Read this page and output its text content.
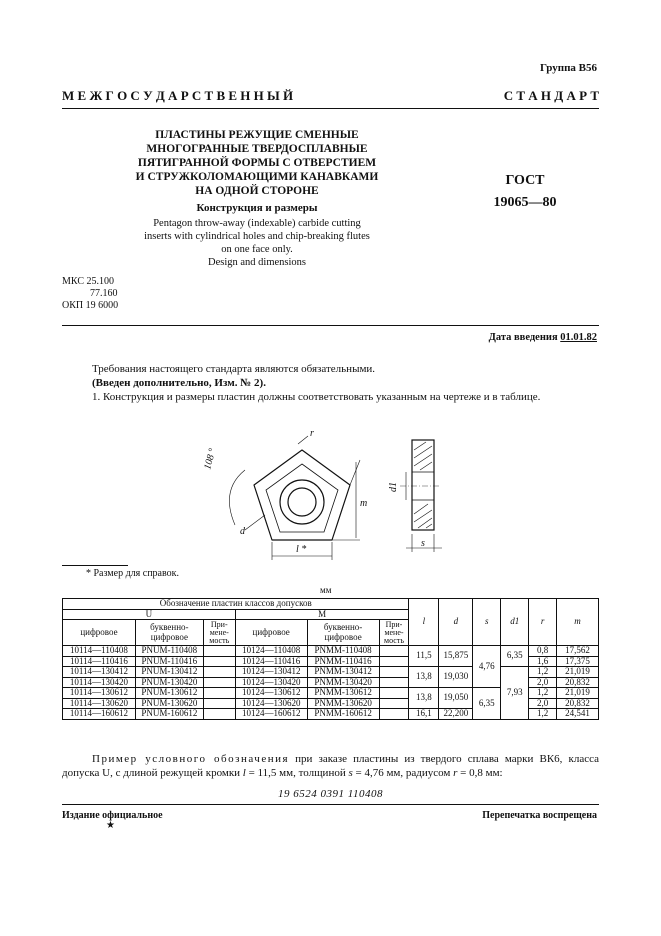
Группа В56
М Е Ж Г О С У Д А Р С Т В Е Н Н Ы Й	С Т А Н Д А Р Т
ПЛАСТИНЫ РЕЖУЩИЕ СМЕННЫЕ
МНОГОГРАННЫЕ ТВЕРДОСПЛАВНЫЕ
ПЯТИГРАННОЙ ФОРМЫ С ОТВЕРСТИЕМ
И СТРУЖКОЛОМАЮЩИМИ КАНАВКАМИ
НА ОДНОЙ СТОРОНЕ
Конструкция и размеры
Pentagon throw-away (indexable) carbide cutting
inserts with cylindrical holes and chip-breaking flutes
on one face only.
Design and dimensions
ГОСТ
19065—80
МКС 25.100
77.160
ОКП 19 6000
Дата введения 01.01.82
Требования настоящего стандарта являются обязательными.
(Введен дополнительно, Изм. № 2).
1. Конструкция и размеры пластин должны соответствовать указанным на чертеже и в таблице.
108 °
r
m
d
l *
d1
s
* Размер для справок.
мм
Обозначение пластин классов допусков						l	d	s	d1	r	m
U			M								
цифровое	буквенно-цифровое	При-мене-мость	цифровое	буквенно-цифровое	При-мене-мость						
10114—110408	PNUM-110408		10124—110408	PNMM-110408		11,5	15,875	4,76	6,35	0,8	17,562
10114—110416	PNUM-110416		10124—110416	PNMM-110416						1,6	17,375
10114—130412	PNUM-130412		10124—130412	PNMM-130412		13,8	19,030		7,93	1,2	21,019
10114—130420	PNUM-130420		10124—130420	PNMM-130420						2,0	20,832
10114—130612	PNUM-130612		10124—130612	PNMM-130612		13,8	19,050	6,35		1,2	21,019
10114—130620	PNUM-130620		10124—130620	PNMM-130620						2,0	20,832
10114—160612	PNUM-160612		10124—160612	PNMM-160612		16,1	22,200			1,2	24,541
Пример условного обозначения при заказе пластины из твердого сплава марки ВК6, класса допуска U, с длиной режущей кромки l = 11,5 мм, толщиной s = 4,76 мм, радиусом r = 0,8 мм:
19 6524 0391 110408
Издание официальное	Перепечатка воспрещена
★
